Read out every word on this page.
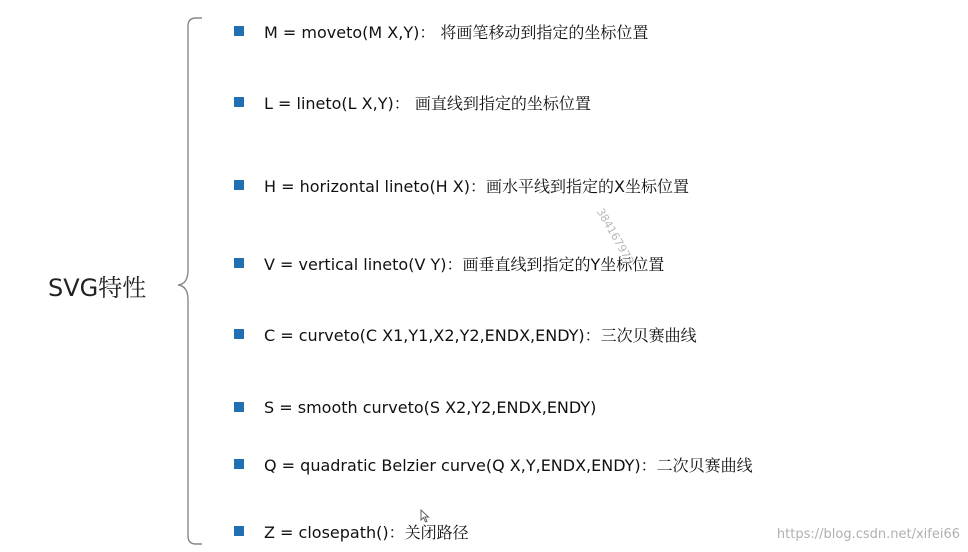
SVG特性
M = moveto(M X,Y)： 将画笔移动到指定的坐标位置
L = lineto(L X,Y)： 画直线到指定的坐标位置
H = horizontal lineto(H X)：画水平线到指定的X坐标位置
V = vertical lineto(V Y)：画垂直线到指定的Y坐标位置
C = curveto(C X1,Y1,X2,Y2,ENDX,ENDY)：三次贝赛曲线
S = smooth curveto(S X2,Y2,ENDX,ENDY)
Q = quadratic Belzier curve(Q X,Y,ENDX,ENDY)：二次贝赛曲线
Z = closepath()：关闭路径
384167973
https://blog.csdn.net/xifei66
